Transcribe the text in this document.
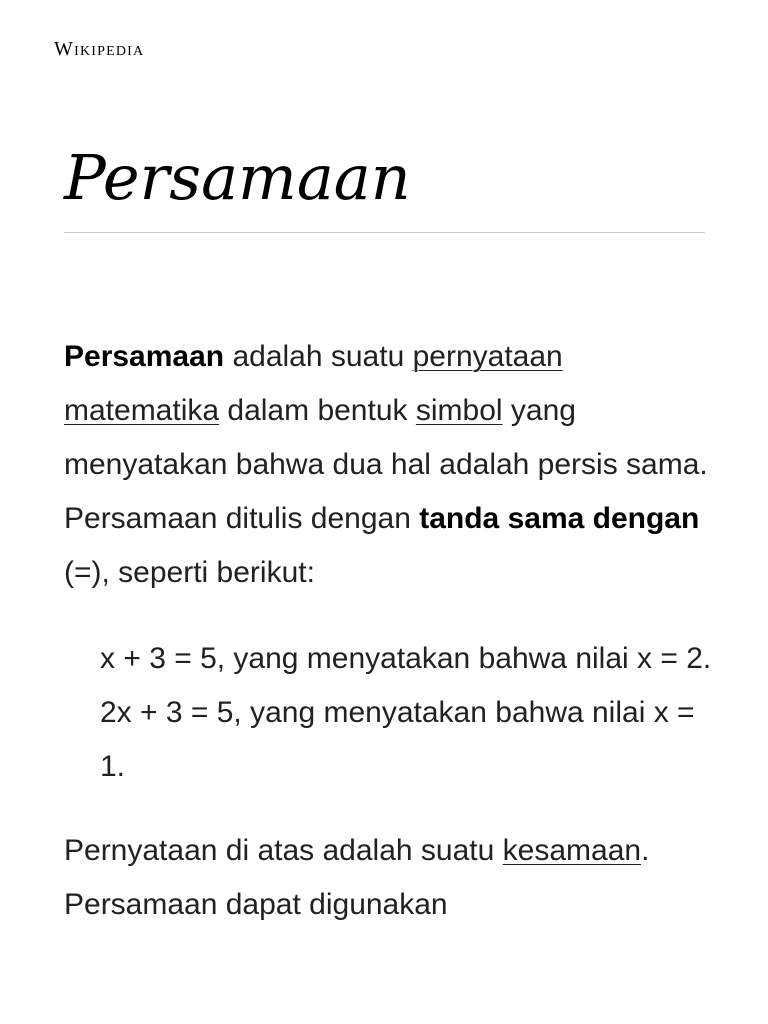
Wikipedia
Persamaan

Persamaan adalah suatu pernyataan matematika dalam bentuk simbol yang menyatakan bahwa dua hal adalah persis sama. Persamaan ditulis dengan tanda sama dengan (=), seperti berikut:

x + 3 = 5, yang menyatakan bahwa nilai x = 2.
2x + 3 = 5, yang menyatakan bahwa nilai x = 1.

Pernyataan di atas adalah suatu kesamaan. Persamaan dapat digunakan
